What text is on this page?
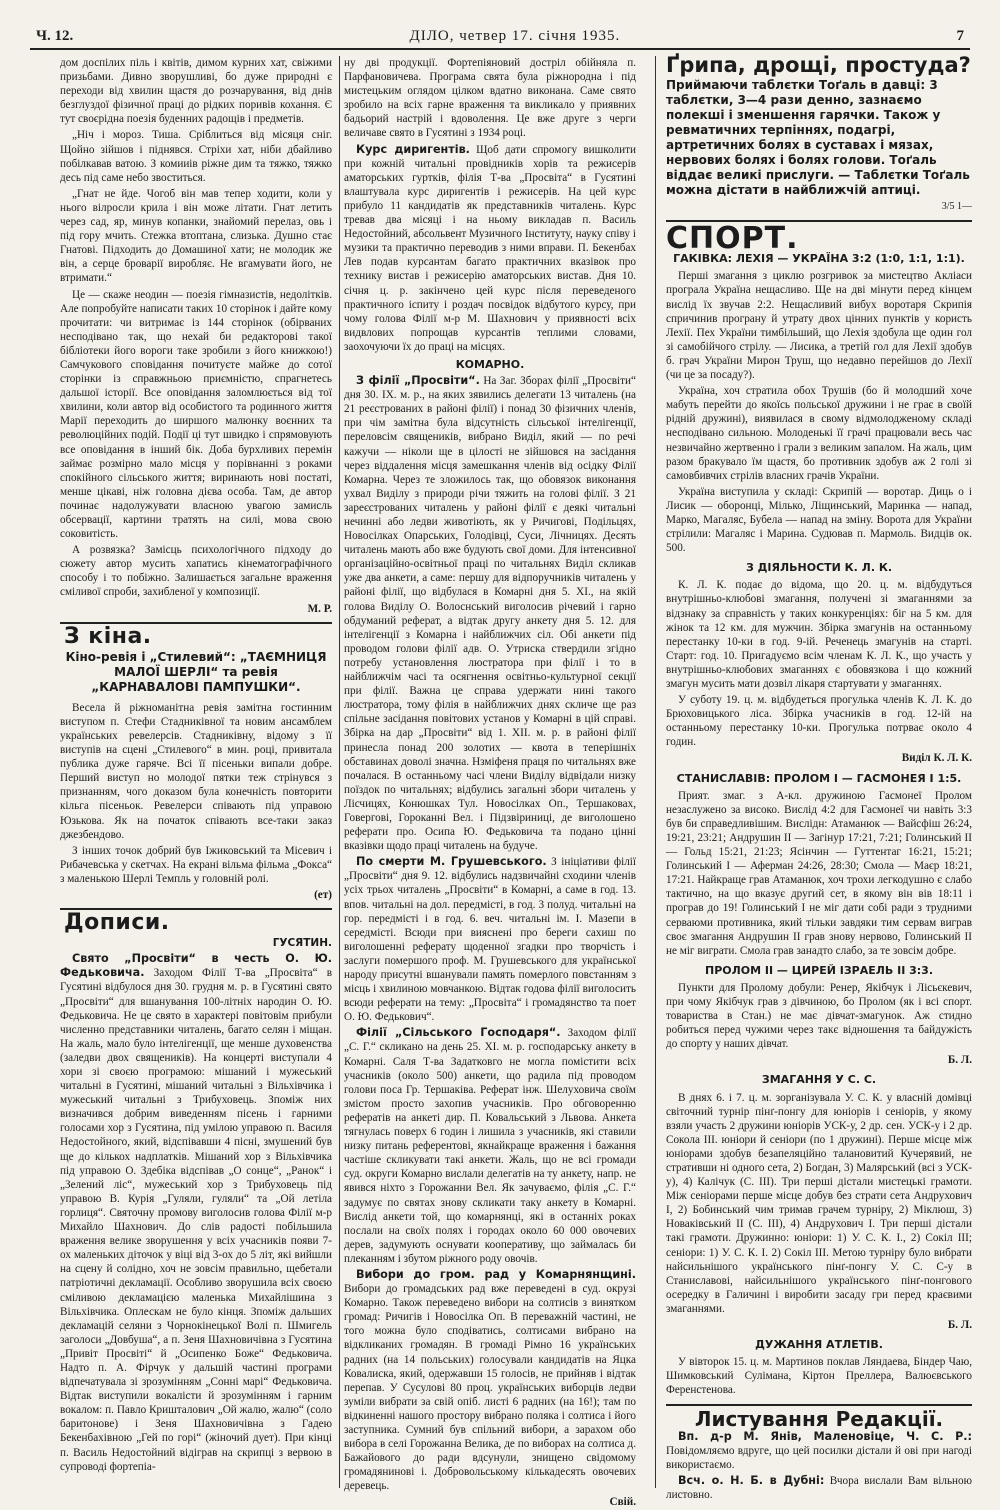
Ч. 12.	ДІЛО, четвер 17. січня 1935.	7

дом доспілих піль і квітів, димом курних хат, свіжими призьбами. Дивно зворушливі, бо дуже природні є переходи від хвилин щастя до розчарування, від днів безглуздої фізичної праці до рідких поривів кохання. Є тут своєрідна поезія буденних радощів і предметів.

„Ніч і мороз. Тиша. Сріблиться від місяця сніг. Щойно зійшов і піднявся. Стріхи хат, ніби дбайливо побілкавав ватою. З комииів ріжне дим та тяжко, тяжко десь під саме небо звоститься.

„Гнат не йде. Чогоб він мав тепер ходити, коли у нього вілросли крила і він може літати. Гнат летить через сад, яр, минув копанки, знайомий перелаз, овь і під гору мчить. Стежка втоптана, слизька. Душно стає Гнатові. Підходить до Домашиної хати; не молодик же він, а серце броварії виробляє. Не вгамувати його, не втримати.“

Це — скаже неодин — поезія гімназистів, недолітків. Але попробуйте написати таких 10 сторінок і дайте кому прочитати: чи витримає із 144 сторінок (обірваних несподівано так, що нехай би редакторові такої бібліотеки його вороги таке зробили з його книжкою!) Самчукового сповідання почитуєте майже до сотої сторінки із справжньою приємністю, спрагнетесь дальшої історії. Все оповідання заломлюється від тої хвилини, коли автор від особистого та родинного життя Марії переходить до ширшого малюнку воєнних та революційних подій. Події ці тут швидко і спрямовують все оповідання в інший бік. Доба бурхливих перемін займає розмірно мало місця у порівнанні з роками спокійного сільського життя; виринають нові постаті, менше цікаві, ніж головна дієва особа. Там, де автор починає надолужувати власною увагою замисль обсервації, картини тратять на силі, мова свою соковитість.

А розвязка? Замісць психологічного підходу до сюжету автор мусить хапатись кінематографічного способу і то побіжно. Залишається загальне враження сміливої спроби, захибленої у композиції.

М. Р.
З кіна.
Кіно-ревія і „Стилевий“: „ТАЄМНИЦЯ МАЛОЇ ШЕРЛІ“ та ревія „КАРНАВАЛОВІ ПАМПУШКИ“.

Весела й ріжноманітна ревія замітна гостинним виступом п. Стефи Стадниківної та новим ансамблем українських ревелерсів. Стадниківну, відому з її виступів на сцені „Стилевого“ в мин. році, привитала публика дуже гаряче. Всі її пісеньки випали добре. Перший виступ но молодої пятки теж стрінувся з признанням, чого доказом була конечність повторити кільга пісеньок. Ревелерси співають під управою Юзькова. Як на початок співають все-таки заказ джезбендово.

З інших точок добрий був Іжиковський та Місевич і Рибачевська у скетчах. На екрані вільма фільма „Фокса“ з маленькою Шерлі Темпль у головній ролі.

(ет)
Дописи.
ГУСЯТИН.

Свято „Просвіти“ в честь О. Ю. Федьковича. Заходом Філії Т-ва „Просвіта“ в Гусятині відбулося дня 30. грудня м. р. в Гусятині свято „Просвіти“ для вшанування 100-літніх народин О. Ю. Федьковича. Не це свято в характері повітовім прибули численно представники читалень, багато селян і міщан. На жаль, мало було інтелігенції, ще менше духовенства (заледви двох священиків). На концерті виступали 4 хори зі своєю програмою: мішаний і мужеський читальні в Гусятині, мішаний читальні з Вільхівчика і мужеський читальні з Трибуховець. Зпоміж них визначився добрим виведенням пісень і гарними голосами хор з Гусятина, під умілою управою п. Василя Недостойного, який, відспівавши 4 пісні, змушений був ще до кількох надплатків. Мішаний хор з Вільхівчика під управою О. Здебіка відспівав „О сонце“, „Ранок“ і „Зелений ліс“, мужеський хор з Трибуховець під управою В. Курія „Гуляли, гуляли“ та „Ой летіла горлиця“. Святочну промову виголосив голова Філії м-р Михайло Шахнович. До слів радості побільшила враження велике зворушення у всіх учасників появи 7-ох маленьких діточок у віці від 3-ох до 5 літ, які вийшли на сцену й солідно, хоч не зовсім правильно, щебетали патріотичні декламації. Особливо зворушила всіх своєю сміливою декламацією маленька Михайлішина з Вільхівчика. Оплескам не було кінця. Зпоміж дальших декламацій селяни з Чорнокінецької Волі п. Шмигель заголоси „Довбуша“, а п. Зеня Шахновичівна з Гусятина „Привіт Просвіті“ й „Осипенко Боже“ Федьковича. Надто п. А. Фірчук у дальшій частині програми відпечатувала зі зрозумінням „Сонні марі“ Федьковича. Відтак виступили вокалісти й зрозумінням і гарним вокалом: п. Павло Кришталович „Ой жалю, жалю“ (соло баритонове) і Зеня Шахновичівна з Гадею Бекенбахівною „Гей по горі“ (жіночий дует). При кінці п. Василь Недостойний відіграв на скрипці з вервою в супроводі фортепіа-

ну дві продукції. Фортепіяновий достріл обійняла п. Парфановичева. Програма свята була ріжнородна і під мистецьким оглядом цілком вдатно виконана. Саме свято зробило на всіх гарне враження та викликало у приявних бадьорий настрій і вдоволення. Це вже друге з черги величаве свято в Гусятині з 1934 році.

Курс диригентів. Щоб дати спромогу вишколити при кожній читальні провідників хорів та режисерів аматорських гуртків, філія Т-ва „Просвіта“ в Гусятині влаштувала курс диригентів і режисерів. На цей курс прибуло 11 кандидатів як представників читалень. Курс тревав два місяці і на ньому викладав п. Василь Недостойний, абсольвент Музичного Інституту, науку співу і музики та практично переводив з ними вправи. П. Бекенбах Лев подав курсантам багато практичних вказівок про технику вистав і режисерію аматорських вистав. Дня 10. січня ц. р. закінчено цей курс після переведеного практичного іспиту і роздач посвідок відбутого курсу, при чому голова Філії м-р М. Шахнович у приявності всіх видвлових попрощав курсантів теплими словами, заохочуючи їх до праці на місцях.

КОМАРНО.

З філії „Просвіти“. На Заг. Зборах філії „Просвіти“ дня 30. IX. м. р., на яких зявились делегати 13 читалень (на 21 реєстрованих в районі філії) і понад 30 фізичних членів, при чім замітна була відсутність сільської інтелігенції, переловсім священиків, вибрано Виділ, який — по речі кажучи — ніколи ще в цілості не зійшовся на засідання через віддалення місця замешкання членів від осідку Філії Комарна. Через те зложилось так, що обовязок виконання ухвал Виділу з природи річи тяжить на голові філії. З 21 зареєстрованих читалень у районі філії є деякі читальні нечинні або ледви животіють, як у Ричигові, Подільцях, Новосілках Опарських, Голодівці, Суси, Лічницях. Десять читалень мають або вже будують свої доми. Для інтенсивної організаційно-освітньої праці по читальнях Виділ скликав уже два анкети, а саме: першу для відпоручників читалень у районі філії, що відбулася в Комарні дня 5. XI., на якій голова Виділу О. Волоснський виголосив річевий і гарно обдуманий реферат, а відтак другу анкету дня 5. 12. для інтелігенції з Комарна і найближчих сіл. Обі анкети під проводом голови філії адв. О. Утриска ствердили згідно потребу установлення люстратора при філії і то в найближчім часі та осягнення освітньо-культурної секції при філії. Важна це справа удержати нині такого люстратора, тому філія в найближчих днях скличе ще раз спільне засідання повітових установ у Комарні в цій справі. Збірка на дар „Просвіти“ від 1. XII. м. р. в районі філії принесла понад 200 золотих — квота в теперішніх обставинах доволі значна. Нзміфеня праця по читальнях вже почалася. В останньому часі члени Виділу відвідали низку поїздок по читальнях; відбулись загальні збори читалень у Лісчицях, Конюшках Тул. Новосілках Оп., Тершаковах, Говергові, Гороканні Вел. і Підзвіриниці, де виголошено реферати про. Осипа Ю. Федьковича та подано цінні вказівки щодо праці читалень на будуче.

По смерти М. Грушевського. З ініціативи філії „Просвіти“ дня 9. 12. відбулись надзвичайні сходини членів усіх трьох читалень „Просвіти“ в Комарні, а саме в год. 13. впов. читальні на дол. передмісті, в год. 3 полуд. читальні на гор. передмісті і в год. 6. веч. читальні ім. І. Мазепи в середмісті. Всюди при вияснені про береги сахиш по виголошенні реферату щоденної згадки про творчість і заслуги помершого проф. М. Грушевського для української народу присутні вшанували память померлого повстанням з місць і хвилиною мовчанкою. Відтак годова філії виголосить всюди реферати на тему: „Просвіта“ і громадянство та поет О. Ю. Федькович“.

Філії „Сільського Господаря“. Заходом філії „С. Г.“ скликано на день 25. XI. м. р. господарську анкету в Комарні. Саля Т-ва Задатковго не могла помістити всіх учасників (около 500) анкети, що радила під проводом голови поса Гр. Тершаківа. Реферат інж. Шелуховича своїм змістом просто захопив учасників. Про обговоренню рефератів на анкеті дир. П. Ковальський з Львова. Анкета тягнулась поверх 6 годин і лишила з учасників, які ставили низку питань референтові, якнайкраще враження і бажання частіше скликувати такі анкети. Жаль, що не всі громади суд. округи Комарно вислали делегатів на ту анкету, напр. не явився ніхто з Горожанни Вел. Як зачуваємо, філія „С. Г.“ задумує по святах знову скликати таку анкету в Комарні. Вислід анкети той, що комарнянці, які в останніх роках послали на своїх полях і городах около 60 000 овочевих дерев, задумують оснувати кооперативу, що займалась би плеканням і збутом ріжного роду овочів.

Вибори до гром. рад у Комарнянщині. Вибори до громадських рад вже переведені в суд. окрузі Комарно. Також переведено вибори на солтисів з винятком громад: Ричигів і Новосілка Оп. В переважній частині, не того можна було сподіватись, солтисами вибрано на відкликаних громадян. В громаді Рімно 16 українських радних (на 14 польських) голосували кандидатів на Яцка Ковалиска, який, одержавши 15 голосів, не прийняв і відтак перепав. У Сусулові 80 проц. українських виборців ледви зуміли вибрати за свій опіб. листі 6 радних (на 16!); там по відкиненні нашого простору вибрано поляка і солтиса і його заступника. Сумний був спільний вибори, а зарахом обо вибора в селі Горожанна Велика, де по виборах на солтиса д. Бажайового до ради вдсунули, знищено свідомому громадянинові і. Добровольському кількадесять овочевих деревець.

Свій.
Ґрипа, дрощі, простуда?
Приймаючи таблєтки Тоґаль в давці: 3 таблєтки, 3—4 рази денно, зазнаємо полекші і зменшення гарячки. Також у ревматичних терпіннях, подагрі, артретичних болях в суставах і мязах, нервових болях і болях голови. Тоґаль віддає великі прислуги. — Таблєтки Тоґаль можна дістати в найближчій аптиці.
3/5 1—
СПОРТ.
ГАКІВКА: ЛЕХІЯ — УКРАЇНА 3:2 (1:0, 1:1, 1:1).

Перші змагання з циклю розгривок за мистецтво Акліаси програла Україна нещасливо. Ще на дві мінути перед кінцем вислід їх звучав 2:2. Нещасливий вибух воротаря Скрипія спричинив програну й утрату двох цінних пунктів у користь Лехії. Пех України тимбільший, що Лехія здобула ще один гол зі самобійчого стрілу. — Лисика, а третій гол для Лехії здобув б. грач України Мирон Труш, що недавно перейшов до Лехії (чи це за посаду?).

Україна, хоч стратила обох Трушів (бо й молодший хоче мабуть перейти до якоїсь польської дружини і не грає в своїй рідній дружині), виявилася в свому відмолодженому складі несподівано сильною. Молоденькі її грачі працювали весь час незвичайно жертвенно і грали з великим запалом. На жаль, цим разом бракувало їм щастя, бо противник здобув аж 2 голі зі самовбивчих стрілів власних грачів України.

Україна виступила у складі: Скрипій — воротар. Диць о і Лисик — оборонці, Мілько, Ліщинський, Маринка — напад, Марко, Магаляс, Бубела — напад на зміну. Ворота для України стрілили: Магаляс і Марина. Судював п. Мармоль. Видців ок. 500.

З ДІЯЛЬНОСТИ К. Л. К.

К. Л. К. подає до відома, що 20. ц. м. відбудуться внутрішньо-клюбові змагання, получені зі змаганнями за відзнаку за справність у таких конкуренціях: біг на 5 км. для жінок та 12 км. для мужчин. Збірка змагунів на останньому перестанку 10-ки в год. 9-ій. Реченець змагунів на старті. Старт: год. 10. Пригадуємо всім членам К. Л. К., що участь у внутрішньо-клюбових змаганнях є обовязкова і що кожний змагун мусить мати дозвіл лікаря стартувати у змаганнях.

У суботу 19. ц. м. відбудеться прогулька членів К. Л. К. до Брюховицького ліса. Збірка учасників в год. 12-ій на останньому перестанку 10-ки. Прогулька потрває около 4 годин.

Виділ К. Л. К.
СТАНИСЛАВІВ: ПРОЛОМ І — ГАСМОНЕЯ І 1:5.

Прият. змаг. з А-кл. дружиною Гасмонеї Пролом незаслужено за високо. Вислід 4:2 для Гасмонеї чи навіть 3:3 був би справедливішим. Вислідн: Атаманюк — Вайсфіш 26:24, 19:21, 23:21; Андрушин II — Загінур 17:21, 7:21; Голинський II — Гольд 15:21, 21:23; Ясінчин — Гуттентаг 16:21, 15:21; Голинський I — Аферман 24:26, 28:30; Смола — Маєр 18:21, 17:21. Найкраще грав Атаманюк, хоч трохи легкодушно є слабо тактично, на що вказує другий сет, в якому він вів 18:11 і програв до 19! Голинський I не міг дати собі ради з трудними серваюми противника, який тільки завдяки тим сервам виграв своє змагання Андрушин II грав знову нервово, Голинський II не міг виграти. Смола грав занадто слабо, за те зовсім добре.

ПРОЛОМ II — ЦИРЕЙ ІЗРАЕЛЬ II 3:3.

Пункти для Пролому добули: Ренер, Якібчук і Лісьєкевич, при чому Якібчук грав з дівчиною, бо Пролом (як і всі спорт. товариства в Стан.) не має дівчат-змагунок. Аж стидно робиться перед чужими через такє відношення та байдужість до спорту у наших дівчат.

Б. Л.
ЗМАГАННЯ У С. С.

В днях 6. і 7. ц. м. зорганізувала У. С. К. у власній домівці світочний турнір пінґ-понгу для юніорів і сеніорів, у якому взяли участь 2 дружини юніорів УСК-у, 2 др. сен. УСК-у і 2 др. Сокола ІІІ. юніори й сеніори (по 1 дружині). Перше місце між юніорами здобув безапеляційно талановитий Кучерявий, не стративши ні одного сета, 2) Богдан, 3) Малярський (всі з УСК-у), 4) Калічук (С. ІІІ). Три перші дістали мистецькі грамоти. Між сеніорами перше місце добув без страти сета Андрухович I, 2) Бобинський чим тримав грачем турніру, 2) Міклюш, 3) Новаківський II (С. ІІІ), 4) Андрухович I. Три перші дістали такі грамоти. Дружинно: юніори: 1) У. С. К. І., 2) Сокіл ІІІ; сеніори: 1) У. С. К. І. 2) Сокіл ІІІ. Метою турніру було вибрати найсильнішого українського пінґ-понгу У. С. С-у в Станиславові, найсильнішого українського пінґ-понгового осередку в Галичині і виробити засаду гри перед краєвими змаганнями.

Б. Л.
ДУЖАННЯ АТЛЕТІВ.

У вівторок 15. ц. м. Мартинов поклав Ляндаева, Біндер Чаю, Шимковський Сулімана, Кіртон Преллера, Валюєвського Ференстенова.

Листування Редакції.

Вп. д-р М. Янів, Маленовіце, Ч. С. Р.: Повідомляємо вдруге, що цей посилки дістали й ові при нагоді використаємо.

Всч. о. Н. Б. в Дубні: Вчора вислали Вам вільною листовно.
